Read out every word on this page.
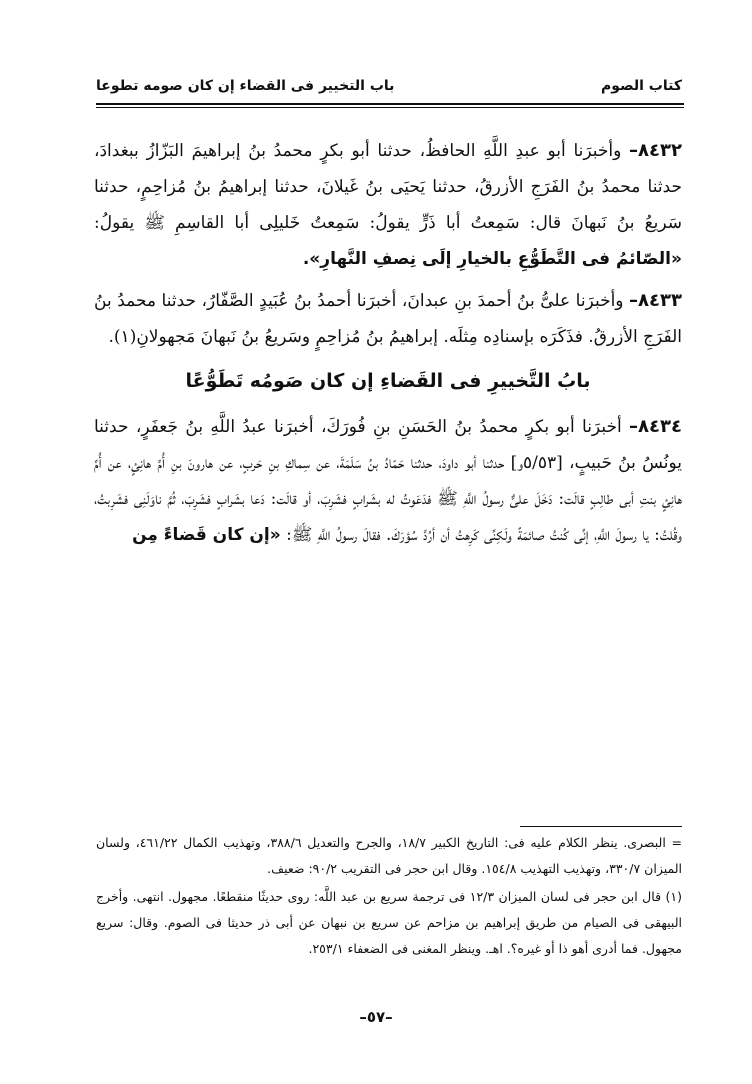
كتاب الصوم
باب التخيير فى القضاء إن كان صومه تطوعا

٨٤٣٢– وأخبرَنا أبو عبدِ اللَّهِ الحافظُ، حدثنا أبو بكرٍ محمدُ بنُ إبراهيمَ البَزّازُ ببغدادَ، حدثنا محمدُ بنُ الفَرَجِ الأزرقُ، حدثنا يَحيَى بنُ غَيلانَ، حدثنا إبراهيمُ بنُ مُزاحِمٍ، حدثنا سَريعُ بنُ نَبهانَ قال: سَمِعتُ أبا ذَرٍّ يقولُ: سَمِعتُ خَليلِى أبا القاسِمِ ﷺ يقولُ: «الصّائمُ فى التَّطَوُّعِ بالخيارِ إلَى نِصفِ النَّهارِ».

٨٤٣٣– وأخبرَنا علىُّ بنُ أحمدَ بنِ عبدانَ، أخبرَنا أحمدُ بنُ عُبَيدٍ الصَّفّارُ، حدثنا محمدُ بنُ الفَرَجِ الأزرقُ. فذَكَرَه بإسنادِه مِثلَه. إبراهيمُ بنُ مُزاحِمٍ وسَريعُ بنُ نَبهانَ مَجهولانِ(١).

بابُ التَّخييرِ فى القَضاءِ إن كان صَومُه تَطَوُّعًا

٨٤٣٤– أخبرَنا أبو بكرٍ محمدُ بنُ الحَسَنِ بنِ فُورَكَ، أخبرَنا عبدُ اللَّهِ بنُ جَعفَرٍ، حدثنا يونُسُ بنُ حَبيبٍ، [٥/٥٣و] حدثنا أبو داودَ، حدثنا حَمّادُ بنُ سَلَمَةَ، عن سِماكِ بنِ حَربٍ، عن هارونَ بنِ أُمِّ هانِئٍ، عن أُمِّ هانِئٍ بنتِ أبى طالِبٍ قالَت: دَخَلَ علىٌّ رسولُ اللَّهِ ﷺ فدَعَوتُ له بشَرابٍ فشَرِبَ، أو قالَت: دَعا بشَرابٍ فشَرِبَ، ثُمَّ ناوَلَنِى فشَرِبتُ، وقُلتُ: يا رسولَ اللَّهِ، إنِّى كُنتُ صائمَةً ولَكِنِّى كَرِهتُ أن أرُدَّ سُؤرَكَ. فقالَ رسولُ اللَّهِ ﷺ: «إن كان قَضاءً مِن

= البصرى. ينظر الكلام عليه فى: التاريخ الكبير ١٨/٧، والجرح والتعديل ٣٨٨/٦، وتهذيب الكمال ٤٦١/٢٢، ولسان الميزان ٣٣٠/٧، وتهذيب التهذيب ١٥٤/٨. وقال ابن حجر فى التقريب ٩٠/٢: ضعيف.

(١) قال ابن حجر فى لسان الميزان ١٢/٣ فى ترجمة سريع بن عبد اللَّه: روى حديثًا منقطعًا. مجهول. انتهى. وأخرج البيهقى فى الصيام من طريق إبراهيم بن مزاحم عن سريع بن نبهان عن أبى ذر حديثا فى الصوم. وقال: سريع مجهول. فما أدرى أهو ذا أو غيره؟. اهـ. وينظر المغنى فى الضعفاء ٢٥٣/١.

–٥٧–
